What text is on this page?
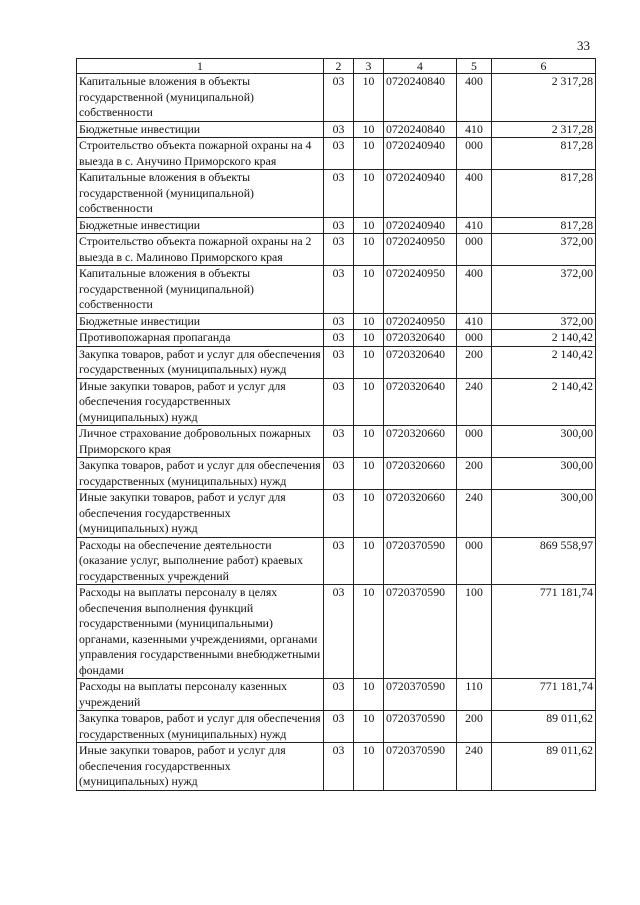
33
1	2	3	4	5	6
Капитальные вложения в объекты государственной (муниципальной) собственности	03	10	0720240840	400	2 317,28
Бюджетные инвестиции	03	10	0720240840	410	2 317,28
Строительство объекта пожарной охраны на 4 выезда в с. Анучино Приморского края	03	10	0720240940	000	817,28
Капитальные вложения в объекты государственной (муниципальной) собственности	03	10	0720240940	400	817,28
Бюджетные инвестиции	03	10	0720240940	410	817,28
Строительство объекта пожарной охраны на 2 выезда в с. Малиново Приморского края	03	10	0720240950	000	372,00
Капитальные вложения в объекты государственной (муниципальной) собственности	03	10	0720240950	400	372,00
Бюджетные инвестиции	03	10	0720240950	410	372,00
Противопожарная пропаганда	03	10	0720320640	000	2 140,42
Закупка товаров, работ и услуг для обеспечения государственных (муниципальных) нужд	03	10	0720320640	200	2 140,42
Иные закупки товаров, работ и услуг для обеспечения государственных (муниципальных) нужд	03	10	0720320640	240	2 140,42
Личное страхование добровольных пожарных Приморского края	03	10	0720320660	000	300,00
Закупка товаров, работ и услуг для обеспечения государственных (муниципальных) нужд	03	10	0720320660	200	300,00
Иные закупки товаров, работ и услуг для обеспечения государственных (муниципальных) нужд	03	10	0720320660	240	300,00
Расходы на обеспечение деятельности (оказание услуг, выполнение работ) краевых государственных учреждений	03	10	0720370590	000	869 558,97
Расходы на выплаты персоналу в целях обеспечения выполнения функций государственными (муниципальными) органами, казенными учреждениями, органами управления государственными внебюджетными фондами	03	10	0720370590	100	771 181,74
Расходы на выплаты персоналу казенных учреждений	03	10	0720370590	110	771 181,74
Закупка товаров, работ и услуг для обеспечения государственных (муниципальных) нужд	03	10	0720370590	200	89 011,62
Иные закупки товаров, работ и услуг для обеспечения государственных (муниципальных) нужд	03	10	0720370590	240	89 011,62
